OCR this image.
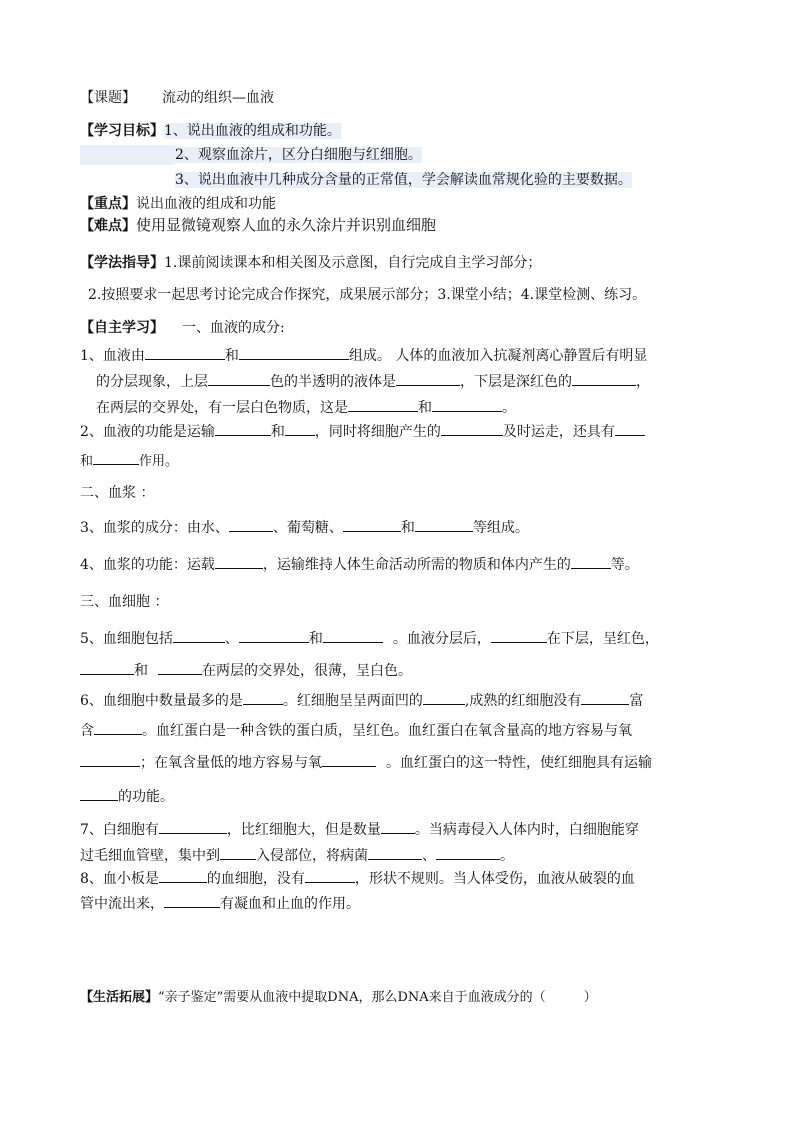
【课题】 流动的组织—血液
【学习目标】1、说出血液的组成和功能。
2、观察血涂片，区分白细胞与红细胞。
3、说出血液中几种成分含量的正常值，学会解读血常规化验的主要数据。
【重点】说出血液的组成和功能
【难点】使用显微镜观察人血的永久涂片并识别血细胞
【学法指导】1.课前阅读课本和相关图及示意图，自行完成自主学习部分；
2.按照要求一起思考讨论完成合作探究，成果展示部分；3.课堂小结；4.课堂检测、练习。
【自主学习】 一、血液的成分:
1、血液由	和	组成。 人体的血液加入抗凝剂离心静置后有明显
的分层现象，上层	色的半透明的液体是	，下层是深红色的	，
在两层的交界处，有一层白色物质，这是	和	。
2、血液的功能是运输	和 ，同时将细胞产生的	及时运走，还具有
和	作用。
二、血浆 ：
3、血浆的成分：由水、	、葡萄糖、	和	等组成。
4、血浆的功能：运载	，运输维持人体生命活动所需的物质和体内产生的	等。
三、血细胞 ：
5、血细胞包括	、	和	。血液分层后，	在下层，呈红色，
和	在两层的交界处，很薄，呈白色。
6、血细胞中数量最多的是	。红细胞呈呈两面凹的	,成熟的红细胞没有	富
含	。血红蛋白是一种含铁的蛋白质，呈红色。血红蛋白在氧含量高的地方容易与氧
；在氧含量低的地方容易与氧	。血红蛋白的这一特性，使红细胞具有运输
的功能。
7、白细胞有	，比红细胞大，但是数量 。当病毒侵入人体内时，白细胞能穿
过毛细血管壁，集中到	入侵部位，将病菌	、	。
8、血小板是	的血细胞，没有	，形状不规则。当人体受伤，血液从破裂的血
管中流出来，	有凝血和止血的作用。
【生活拓展】“亲子鉴定”需要从血液中提取DNA，那么DNA来自于血液成分的（	）
